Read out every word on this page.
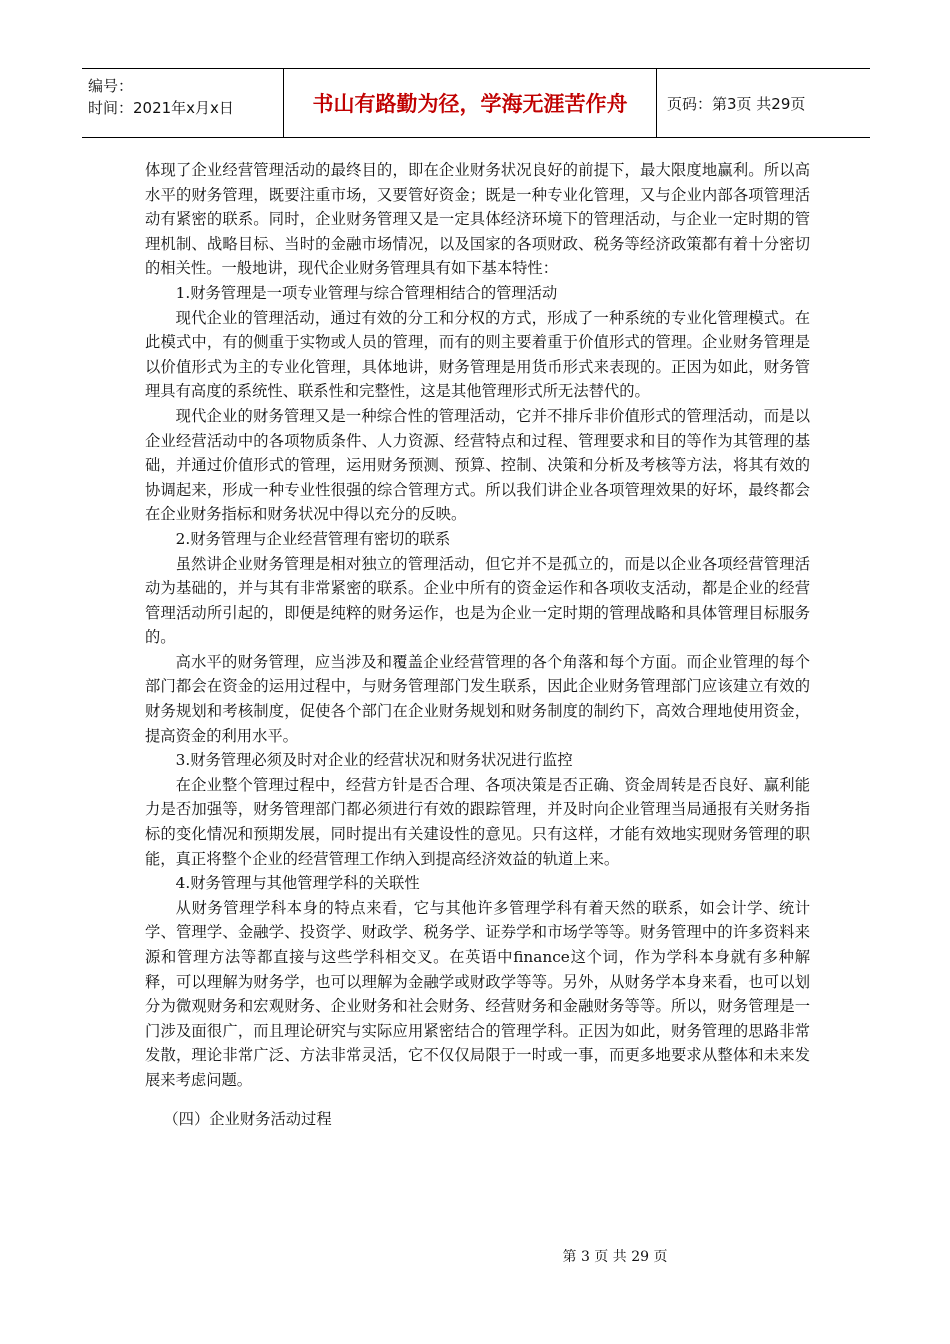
编号：
时间：2021年x月x日	书山有路勤为径，学海无涯苦作舟	页码：第3页 共29页

体现了企业经营管理活动的最终目的，即在企业财务状况良好的前提下，最大限度地赢利。所以高水平的财务管理，既要注重市场，又要管好资金；既是一种专业化管理，又与企业内部各项管理活动有紧密的联系。同时，企业财务管理又是一定具体经济环境下的管理活动，与企业一定时期的管理机制、战略目标、当时的金融市场情况，以及国家的各项财政、税务等经济政策都有着十分密切的相关性。一般地讲，现代企业财务管理具有如下基本特性：

1.财务管理是一项专业管理与综合管理相结合的管理活动

现代企业的管理活动，通过有效的分工和分权的方式，形成了一种系统的专业化管理模式。在此模式中，有的侧重于实物或人员的管理，而有的则主要着重于价值形式的管理。企业财务管理是以价值形式为主的专业化管理，具体地讲，财务管理是用货币形式来表现的。正因为如此，财务管理具有高度的系统性、联系性和完整性，这是其他管理形式所无法替代的。

现代企业的财务管理又是一种综合性的管理活动，它并不排斥非价值形式的管理活动，而是以企业经营活动中的各项物质条件、人力资源、经营特点和过程、管理要求和目的等作为其管理的基础，并通过价值形式的管理，运用财务预测、预算、控制、决策和分析及考核等方法，将其有效的协调起来，形成一种专业性很强的综合管理方式。所以我们讲企业各项管理效果的好坏，最终都会在企业财务指标和财务状况中得以充分的反映。

2.财务管理与企业经营管理有密切的联系

虽然讲企业财务管理是相对独立的管理活动，但它并不是孤立的，而是以企业各项经营管理活动为基础的，并与其有非常紧密的联系。企业中所有的资金运作和各项收支活动，都是企业的经营管理活动所引起的，即便是纯粹的财务运作，也是为企业一定时期的管理战略和具体管理目标服务的。

高水平的财务管理，应当涉及和覆盖企业经营管理的各个角落和每个方面。而企业管理的每个部门都会在资金的运用过程中，与财务管理部门发生联系，因此企业财务管理部门应该建立有效的财务规划和考核制度，促使各个部门在企业财务规划和财务制度的制约下，高效合理地使用资金，提高资金的利用水平。

3.财务管理必须及时对企业的经营状况和财务状况进行监控

在企业整个管理过程中，经营方针是否合理、各项决策是否正确、资金周转是否良好、赢利能力是否加强等，财务管理部门都必须进行有效的跟踪管理，并及时向企业管理当局通报有关财务指标的变化情况和预期发展，同时提出有关建设性的意见。只有这样，才能有效地实现财务管理的职能，真正将整个企业的经营管理工作纳入到提高经济效益的轨道上来。

4.财务管理与其他管理学科的关联性

从财务管理学科本身的特点来看，它与其他许多管理学科有着天然的联系，如会计学、统计学、管理学、金融学、投资学、财政学、税务学、证券学和市场学等等。财务管理中的许多资料来源和管理方法等都直接与这些学科相交叉。在英语中finance这个词，作为学科本身就有多种解释，可以理解为财务学，也可以理解为金融学或财政学等等。另外，从财务学本身来看，也可以划分为微观财务和宏观财务、企业财务和社会财务、经营财务和金融财务等等。所以，财务管理是一门涉及面很广，而且理论研究与实际应用紧密结合的管理学科。正因为如此，财务管理的思路非常发散，理论非常广泛、方法非常灵活，它不仅仅局限于一时或一事，而更多地要求从整体和未来发展来考虑问题。

（四）企业财务活动过程

第 3 页 共 29 页
